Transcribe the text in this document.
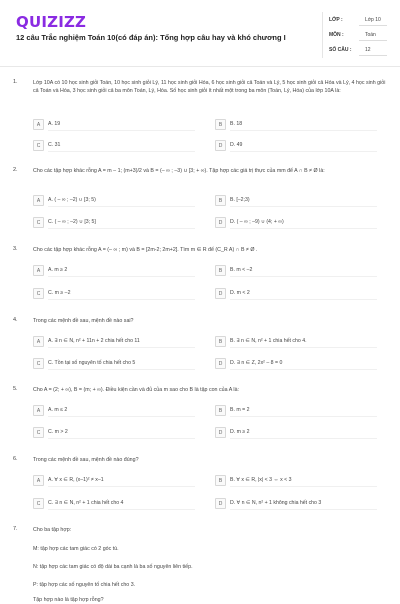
QUIZIZZ
12 câu Trắc nghiệm Toán 10(có đáp án): Tổng hợp câu hay và khó chương I
LỚP :	Lớp 10
MÔN :	Toán
SỐ CÂU :	12
1.	Lớp 10A có 10 học sinh giỏi Toán, 10 học sinh giỏi Lý, 11 học sinh giỏi Hóa, 6 học sinh giỏi cả Toán và Lý, 5 học sinh giỏi cả Hóa và Lý, 4 học sinh giỏi cả Toán và Hóa, 3 học sinh giỏi cả ba môn Toán, Lý, Hóa. Số học sinh giỏi ít nhất một trong ba môn (Toán, Lý, Hóa) của lớp 10A là:
A	A. 19	B	B. 18
C	C. 31	D	D. 49
2.	Cho các tập hợp khác rỗng A = m – 1; (m+3)/2 và B = (– ∞ ; –3) ∪ [3; + ∞). Tập hợp các giá trị thực của mm để A ∩ B ≠ Ø là:
A	A. ( – ∞ ; –2) ∪ [3; 5)	B	B. [–2;3)
C	C. ( – ∞ ; –2) ∪ [3; 5]	D	D. ( – ∞ ; –9) ∪ (4; + ∞)
3.	Cho các tập hợp khác rỗng A = (– ∞ ; m) và B = [2m-2; 2m+2]. Tìm m ∈ R để (C_R A) ∩ B ≠ Ø .
A	A. m ≥ 2	B	B. m < –2
C	C. m ≥ –2	D	D. m < 2
4.	Trong các mệnh đề sau, mệnh đề nào sai?
A	A. ∃ n ∈ N, n² + 11n + 2 chia hết cho 11	B	B. ∃ n ∈ N, n² + 1 chia hết cho 4.
C	C. Tồn tại số nguyên tố chia hết cho 5	D	D. ∃ n ∈ Z, 2x² – 8 = 0
5.	Cho A = (2; + ∞), B = (m; + ∞). Điều kiện cần và đủ của m sao cho B là tập con của A là:
A	A. m ≤ 2	B	B. m = 2
C	C. m > 2	D	D. m ≥ 2
6.	Trong các mệnh đề sau, mệnh đề nào đúng?
A	A. ∀ x ∈ R, (x–1)² ≠ x–1	B	B. ∀ x ∈ R, |x| < 3 ⇔ x < 3
C	C. ∃ n ∈ N, n² + 1 chia hết cho 4	D	D. ∀ n ∈ N, n² + 1 không chia hết cho 3
7.	Cho ba tập hợp:
M: tập hợp các tam giác có 2 góc tù.
N: tập hợp các tam giác có độ dài ba cạnh là ba số nguyên liên tiếp.
P: tập hợp các số nguyên tố chia hết cho 3.
Tập hợp nào là tập hợp rỗng?
